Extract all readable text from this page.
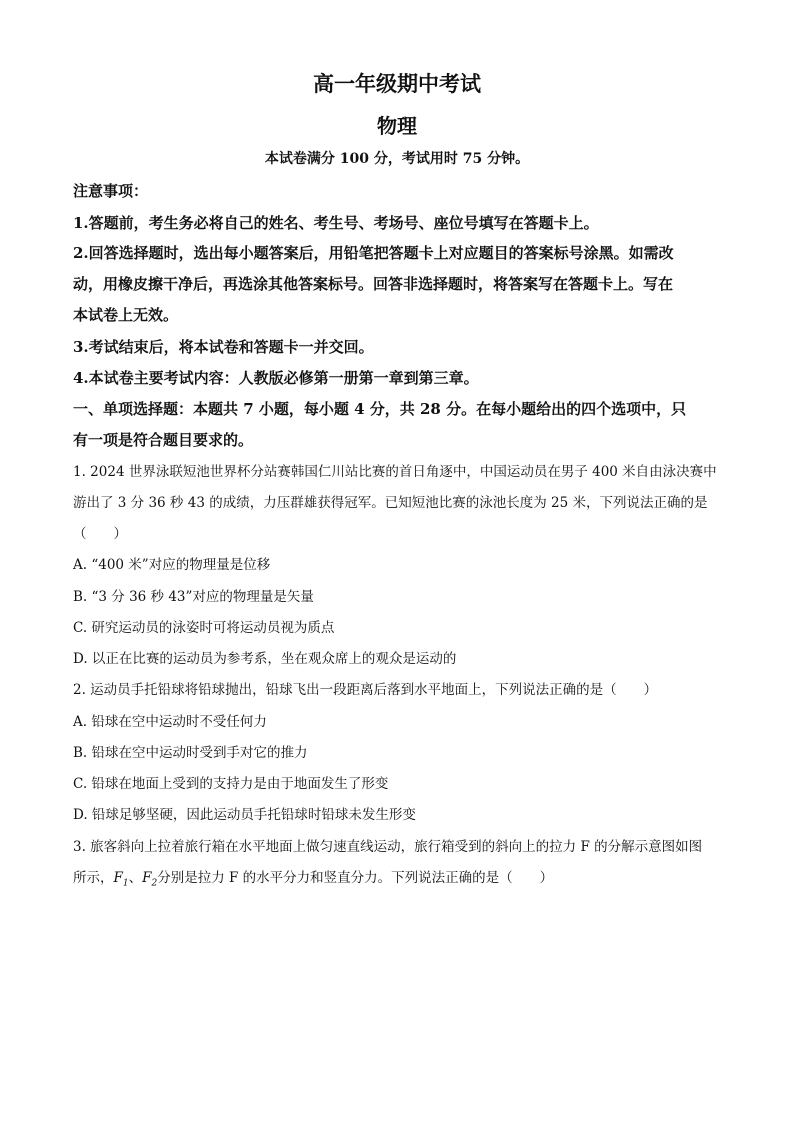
高一年级期中考试
物理
本试卷满分 100 分，考试用时 75 分钟。
注意事项：
1.答题前，考生务必将自己的姓名、考生号、考场号、座位号填写在答题卡上。
2.回答选择题时，选出每小题答案后，用铅笔把答题卡上对应题目的答案标号涂黑。如需改
动，用橡皮擦干净后，再选涂其他答案标号。回答非选择题时，将答案写在答题卡上。写在
本试卷上无效。
3.考试结束后，将本试卷和答题卡一并交回。
4.本试卷主要考试内容：人教版必修第一册第一章到第三章。
一、单项选择题：本题共 7 小题，每小题 4 分，共 28 分。在每小题给出的四个选项中，只
有一项是符合题目要求的。
1. 2024 世界泳联短池世界杯分站赛韩国仁川站比赛的首日角逐中，中国运动员在男子 400 米自由泳决赛中
游出了 3 分 36 秒 43 的成绩，力压群雄获得冠军。已知短池比赛的泳池长度为 25 米，下列说法正确的是
（　　）
A. “400 米”对应的物理量是位移
B. “3 分 36 秒 43”对应的物理量是矢量
C. 研究运动员的泳姿时可将运动员视为质点
D. 以正在比赛的运动员为参考系，坐在观众席上的观众是运动的
2. 运动员手托铅球将铅球抛出，铅球飞出一段距离后落到水平地面上，下列说法正确的是（　　）
A. 铅球在空中运动时不受任何力
B. 铅球在空中运动时受到手对它的推力
C. 铅球在地面上受到的支持力是由于地面发生了形变
D. 铅球足够坚硬，因此运动员手托铅球时铅球未发生形变
3. 旅客斜向上拉着旅行箱在水平地面上做匀速直线运动，旅行箱受到的斜向上的拉力 F 的分解示意图如图
所示，$F_1$、$F_2$分别是拉力 F 的水平分力和竖直分力。下列说法正确的是（　　）
